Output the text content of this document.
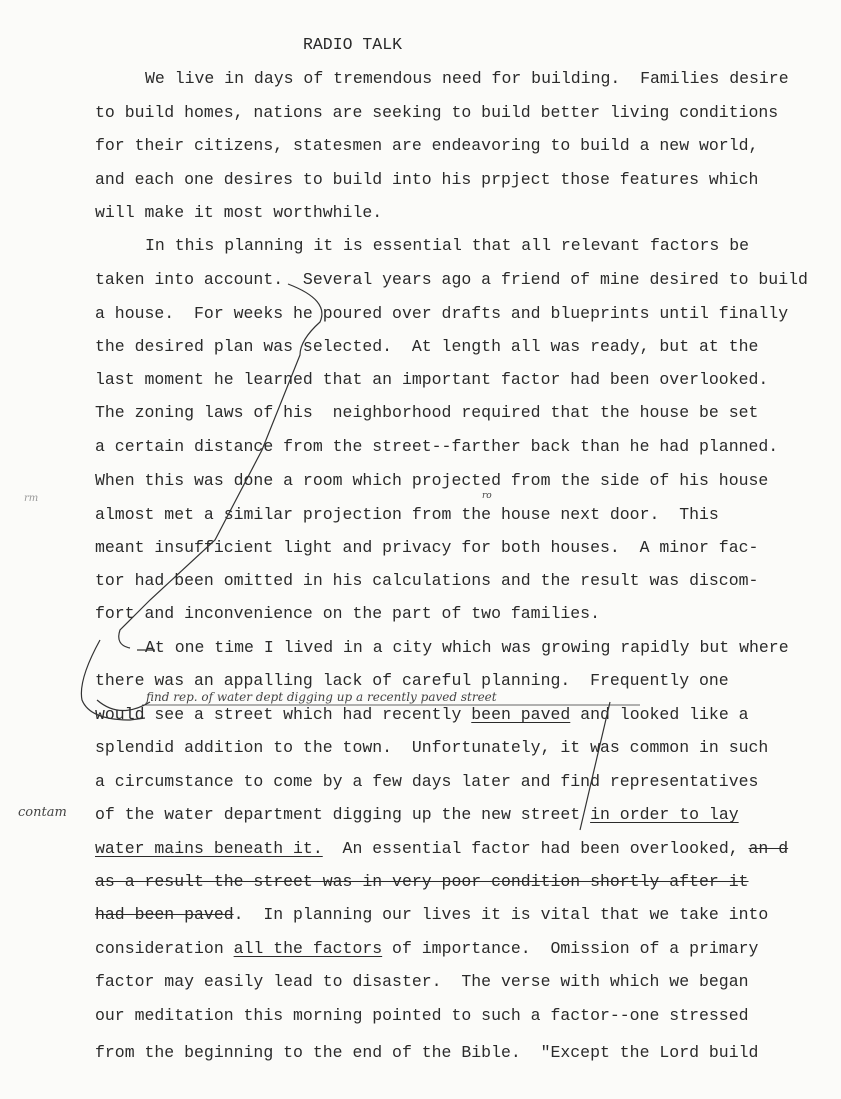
RADIO TALK
We live in days of tremendous need for building.  Families desire
to build homes, nations are seeking to build better living conditions
for their citizens, statesmen are endeavoring to build a new world,
and each one desires to build into his prpject those features which
will make it most worthwhile.
In this planning it is essential that all relevant factors be
taken into account.  Several years ago a friend of mine desired to build
a house.  For weeks he poured over drafts and blueprints until finally
the desired plan was selected.  At length all was ready, but at the
last moment he learned that an important factor had been overlooked.
The zoning laws of his  neighborhood required that the house be set
a certain distance from the street--farther back than he had planned.
When this was done a room which projected from the side of his house
almost met a similar projection from the house next door.  This
meant insufficient light and privacy for both houses.  A minor fac-
tor had been omitted in his calculations and the result was discom-
fort and inconvenience on the part of two families.
At one time I lived in a city which was growing rapidly but where
there was an appalling lack of careful planning.  Frequently one
would see a street which had recently been paved and looked like a
splendid addition to the town.  Unfortunately, it was common in such
a circumstance to come by a few days later and find representatives
of the water department digging up the new street in order to lay
water mains beneath it.  An essential factor had been overlooked, an d
as a result the street was in very poor condition shortly after it
had been paved.  In planning our lives it is vital that we take into
consideration all the factors of importance.  Omission of a primary
factor may easily lead to disaster.  The verse with which we began
our meditation this morning pointed to such a factor--one stressed
from the beginning to the end of the Bible.  "Except the Lord build
find rep. of water dept digging up a recently paved street
rm
contam
ro
